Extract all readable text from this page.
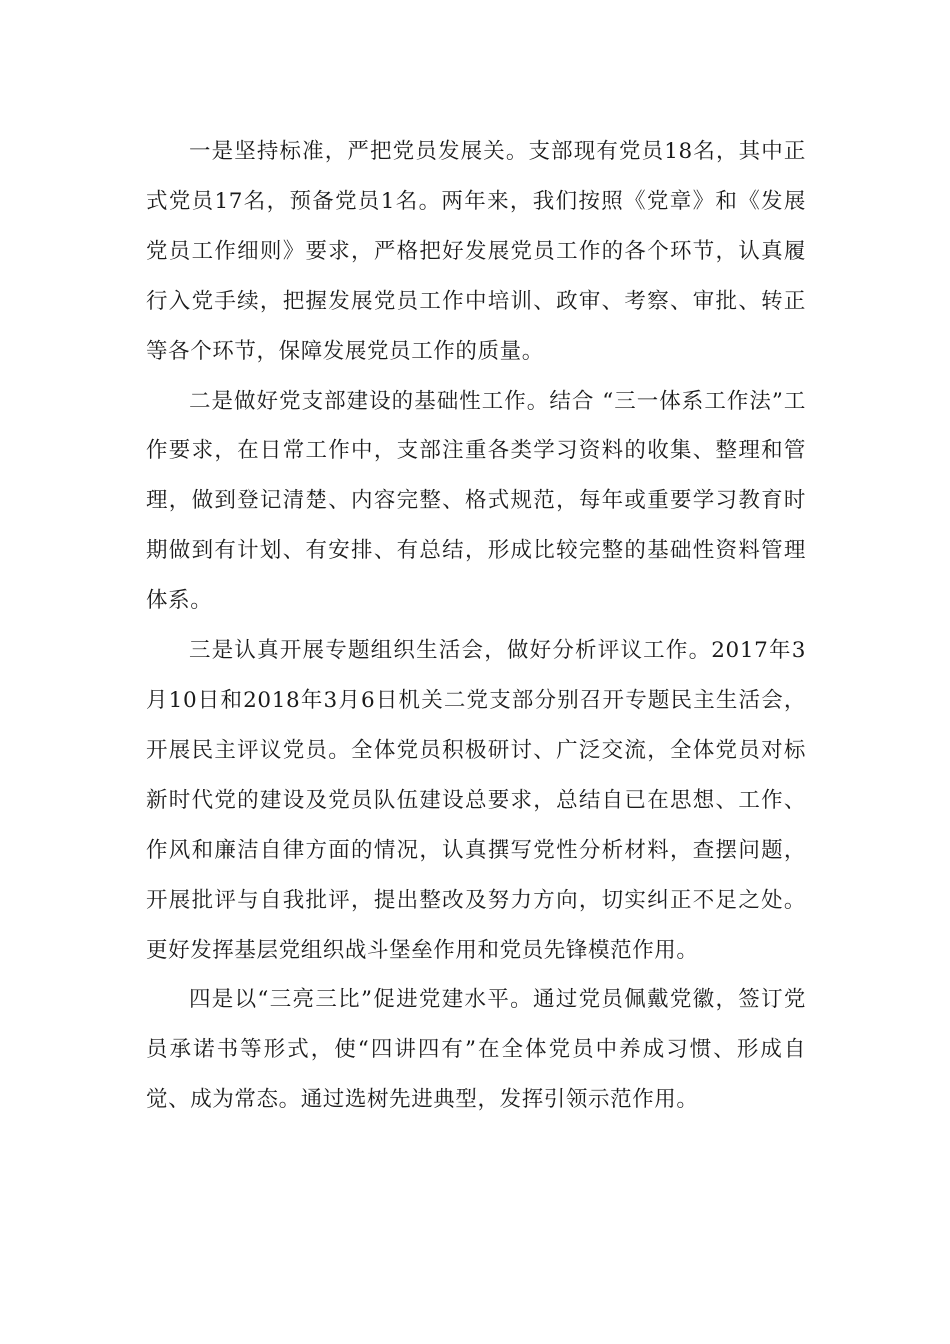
一是坚持标准，严把党员发展关。支部现有党员18名，其中正式党员17名，预备党员1名。两年来，我们按照《党章》和《发展党员工作细则》要求，严格把好发展党员工作的各个环节，认真履行入党手续，把握发展党员工作中培训、政审、考察、审批、转正等各个环节，保障发展党员工作的质量。

二是做好党支部建设的基础性工作。结合 “三一体系工作法”工作要求，在日常工作中，支部注重各类学习资料的收集、整理和管理，做到登记清楚、内容完整、格式规范，每年或重要学习教育时期做到有计划、有安排、有总结，形成比较完整的基础性资料管理体系。

三是认真开展专题组织生活会，做好分析评议工作。2017年3月10日和2018年3月6日机关二党支部分别召开专题民主生活会，开展民主评议党员。全体党员积极研讨、广泛交流，全体党员对标新时代党的建设及党员队伍建设总要求，总结自已在思想、工作、作风和廉洁自律方面的情况，认真撰写党性分析材料，查摆问题，开展批评与自我批评，提出整改及努力方向，切实纠正不足之处。更好发挥基层党组织战斗堡垒作用和党员先锋模范作用。

四是以“三亮三比”促进党建水平。通过党员佩戴党徽，签订党员承诺书等形式，使“四讲四有”在全体党员中养成习惯、形成自觉、成为常态。通过选树先进典型，发挥引领示范作用。
